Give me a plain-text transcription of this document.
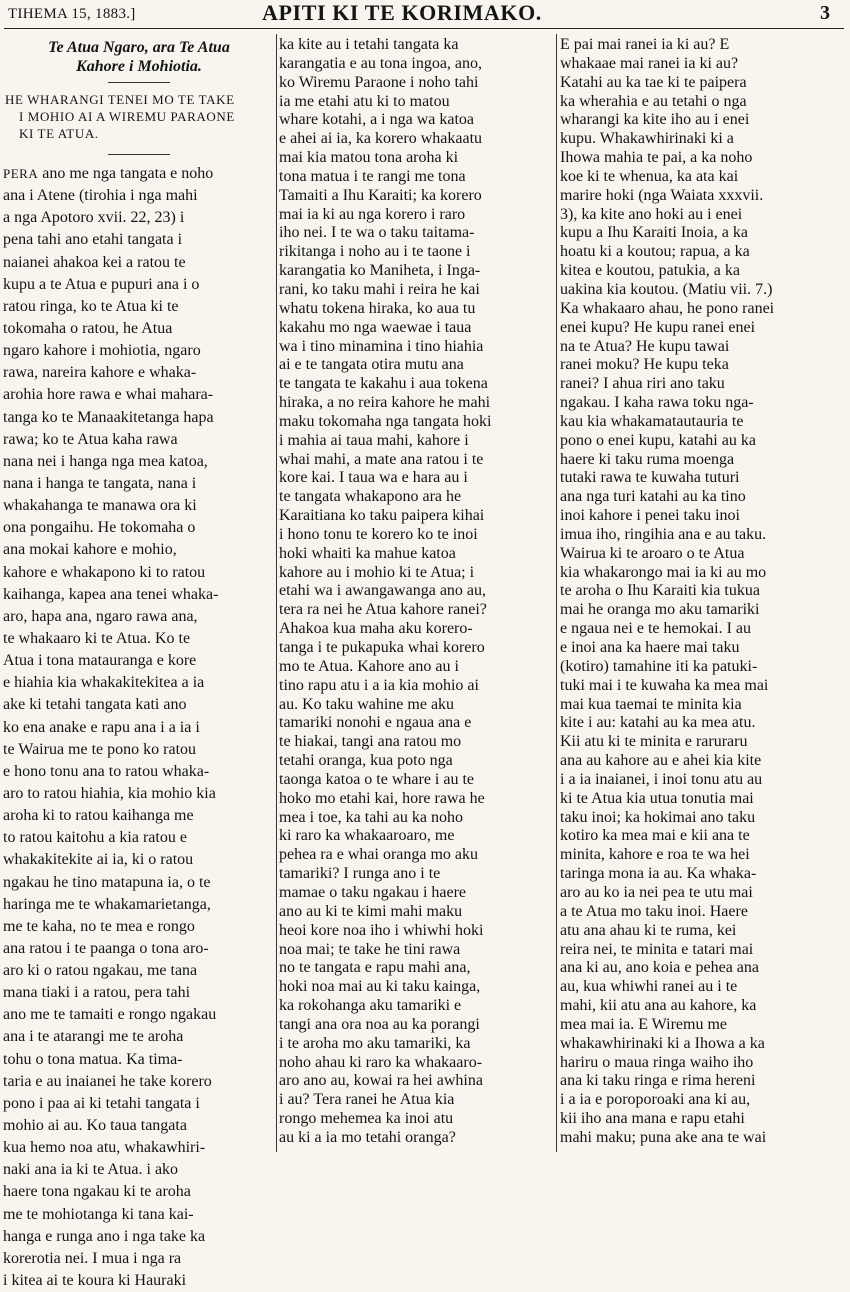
TIHEMA 15, 1883.]	APITI KI TE KORIMAKO.	3
Te Atua Ngaro, ara Te Atua
Kahore i Mohiotia.
HE WHARANGI TENEI MO TE TAKE
I MOHIO AI A WIREMU PARAONE
KI TE ATUA.
PERA ano me nga tangata e noho
ana i Atene (tirohia i nga mahi
a nga Apotoro xvii. 22, 23) i
pena tahi ano etahi tangata i
naianei ahakoa kei a ratou te
kupu a te Atua e pupuri ana i o
ratou ringa, ko te Atua ki te
tokomaha o ratou, he Atua
ngaro kahore i mohiotia, ngaro
rawa, nareira kahore e whaka-
arohia hore rawa e whai mahara-
tanga ko te Manaakitetanga hapa
rawa; ko te Atua kaha rawa
nana nei i hanga nga mea katoa,
nana i hanga te tangata, nana i
whakahanga te manawa ora ki
ona pongaihu. He tokomaha o
ana mokai kahore e mohio,
kahore e whakapono ki to ratou
kaihanga, kapea ana tenei whaka-
aro, hapa ana, ngaro rawa ana,
te whakaaro ki te Atua. Ko te
Atua i tona matauranga e kore
e hiahia kia whakakitekitea a ia
ake ki tetahi tangata kati ano
ko ena anake e rapu ana i a ia i
te Wairua me te pono ko ratou
e hono tonu ana to ratou whaka-
aro to ratou hiahia, kia mohio kia
aroha ki to ratou kaihanga me
to ratou kaitohu a kia ratou e
whakakitekite ai ia, ki o ratou
ngakau he tino matapuna ia, o te
haringa me te whakamarietanga,
me te kaha, no te mea e rongo
ana ratou i te paanga o tona aro-
aro ki o ratou ngakau, me tana
mana tiaki i a ratou, pera tahi
ano me te tamaiti e rongo ngakau
ana i te atarangi me te aroha
tohu o tona matua. Ka tima-
taria e au inaianei he take korero
pono i paa ai ki tetahi tangata i
mohio ai au. Ko taua tangata
kua hemo noa atu, whakawhiri-
naki ana ia ki te Atua. i ako
haere tona ngakau ki te aroha
me te mohiotanga ki tana kai-
hanga e runga ano i nga take ka
korerotia nei. I mua i nga ra
i kitea ai te koura ki Hauraki
ka kite au i tetahi tangata ka
karangatia e au tona ingoa, ano,
ko Wiremu Paraone i noho tahi
ia me etahi atu ki to matou
whare kotahi, a i nga wa katoa
e ahei ai ia, ka korero whakaatu
mai kia matou tona aroha ki
tona matua i te rangi me tona
Tamaiti a Ihu Karaiti; ka korero
mai ia ki au nga korero i raro
iho nei. I te wa o taku taitama-
rikitanga i noho au i te taone i
karangatia ko Maniheta, i Inga-
rani, ko taku mahi i reira he kai
whatu tokena hiraka, ko aua tu
kakahu mo nga waewae i taua
wa i tino minamina i tino hiahia
ai e te tangata otira mutu ana
te tangata te kakahu i aua tokena
hiraka, a no reira kahore he mahi
maku tokomaha nga tangata hoki
i mahia ai taua mahi, kahore i
whai mahi, a mate ana ratou i te
kore kai. I taua wa e hara au i
te tangata whakapono ara he
Karaitiana ko taku paipera kihai
i hono tonu te korero ko te inoi
hoki whaiti ka mahue katoa
kahore au i mohio ki te Atua; i
etahi wa i awangawanga ano au,
tera ra nei he Atua kahore ranei?
Ahakoa kua maha aku korero-
tanga i te pukapuka whai korero
mo te Atua. Kahore ano au i
tino rapu atu i a ia kia mohio ai
au. Ko taku wahine me aku
tamariki nonohi e ngaua ana e
te hiakai, tangi ana ratou mo
tetahi oranga, kua poto nga
taonga katoa o te whare i au te
hoko mo etahi kai, hore rawa he
mea i toe, ka tahi au ka noho
ki raro ka whakaaroaro, me
pehea ra e whai oranga mo aku
tamariki? I runga ano i te
mamae o taku ngakau i haere
ano au ki te kimi mahi maku
heoi kore noa iho i whiwhi hoki
noa mai; te take he tini rawa
no te tangata e rapu mahi ana,
hoki noa mai au ki taku kainga,
ka rokohanga aku tamariki e
tangi ana ora noa au ka porangi
i te aroha mo aku tamariki, ka
noho ahau ki raro ka whakaaro-
aro ano au, kowai ra hei awhina
i au? Tera ranei he Atua kia
rongo mehemea ka inoi atu
au ki a ia mo tetahi oranga?
E pai mai ranei ia ki au? E
whakaae mai ranei ia ki au?
Katahi au ka tae ki te paipera
ka wherahia e au tetahi o nga
wharangi ka kite iho au i enei
kupu. Whakawhirinaki ki a
Ihowa mahia te pai, a ka noho
koe ki te whenua, ka ata kai
marire hoki (nga Waiata xxxvii.
3), ka kite ano hoki au i enei
kupu a Ihu Karaiti Inoia, a ka
hoatu ki a koutou; rapua, a ka
kitea e koutou, patukia, a ka
uakina kia koutou. (Matiu vii. 7.)
Ka whakaaro ahau, he pono ranei
enei kupu? He kupu ranei enei
na te Atua? He kupu tawai
ranei moku? He kupu teka
ranei? I ahua riri ano taku
ngakau. I kaha rawa toku nga-
kau kia whakamatautauria te
pono o enei kupu, katahi au ka
haere ki taku ruma moenga
tutaki rawa te kuwaha tuturi
ana nga turi katahi au ka tino
inoi kahore i penei taku inoi
imua iho, ringihia ana e au taku.
Wairua ki te aroaro o te Atua
kia whakarongo mai ia ki au mo
te aroha o Ihu Karaiti kia tukua
mai he oranga mo aku tamariki
e ngaua nei e te hemokai. I au
e inoi ana ka haere mai taku
(kotiro) tamahine iti ka patuki-
tuki mai i te kuwaha ka mea mai
mai kua taemai te minita kia
kite i au: katahi au ka mea atu.
Kii atu ki te minita e raruraru
ana au kahore au e ahei kia kite
i a ia inaianei, i inoi tonu atu au
ki te Atua kia utua tonutia mai
taku inoi; ka hokimai ano taku
kotiro ka mea mai e kii ana te
minita, kahore e roa te wa hei
taringa mona ia au. Ka whaka-
aro au ko ia nei pea te utu mai
a te Atua mo taku inoi. Haere
atu ana ahau ki te ruma, kei
reira nei, te minita e tatari mai
ana ki au, ano koia e pehea ana
au, kua whiwhi ranei au i te
mahi, kii atu ana au kahore, ka
mea mai ia. E Wiremu me
whakawhirinaki ki a Ihowa a ka
hariru o maua ringa waiho iho
ana ki taku ringa e rima hereni
i a ia e poroporoaki ana ki au,
kii iho ana mana e rapu etahi
mahi maku; puna ake ana te wai
